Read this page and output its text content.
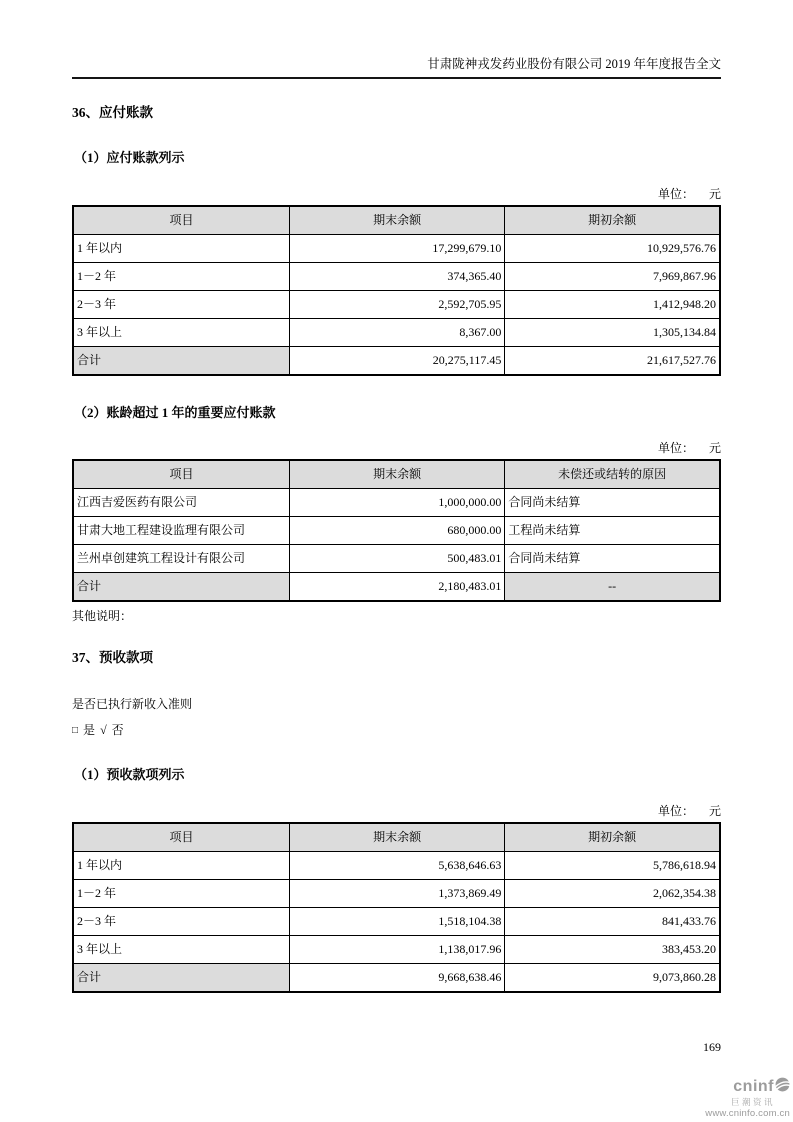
甘肃陇神戎发药业股份有限公司 2019 年年度报告全文
36、应付账款
（1）应付账款列示
单位： 元
项目	期末余额	期初余额
1 年以内	17,299,679.10	10,929,576.76
1－2 年	374,365.40	7,969,867.96
2－3 年	2,592,705.95	1,412,948.20
3 年以上	8,367.00	1,305,134.84
合计	20,275,117.45	21,617,527.76
（2）账龄超过 1 年的重要应付账款
单位： 元
项目	期末余额	未偿还或结转的原因
江西吉爱医药有限公司	1,000,000.00	合同尚未结算
甘肃大地工程建设监理有限公司	680,000.00	工程尚未结算
兰州卓创建筑工程设计有限公司	500,483.01	合同尚未结算
合计	2,180,483.01	--
其他说明：
37、预收款项
是否已执行新收入准则
□ 是 √ 否
（1）预收款项列示
单位： 元
项目	期末余额	期初余额
1 年以内	5,638,646.63	5,786,618.94
1－2 年	1,373,869.49	2,062,354.38
2－3 年	1,518,104.38	841,433.76
3 年以上	1,138,017.96	383,453.20
合计	9,668,638.46	9,073,860.28
169
cninf
巨潮资讯
www.cninfo.com.cn
